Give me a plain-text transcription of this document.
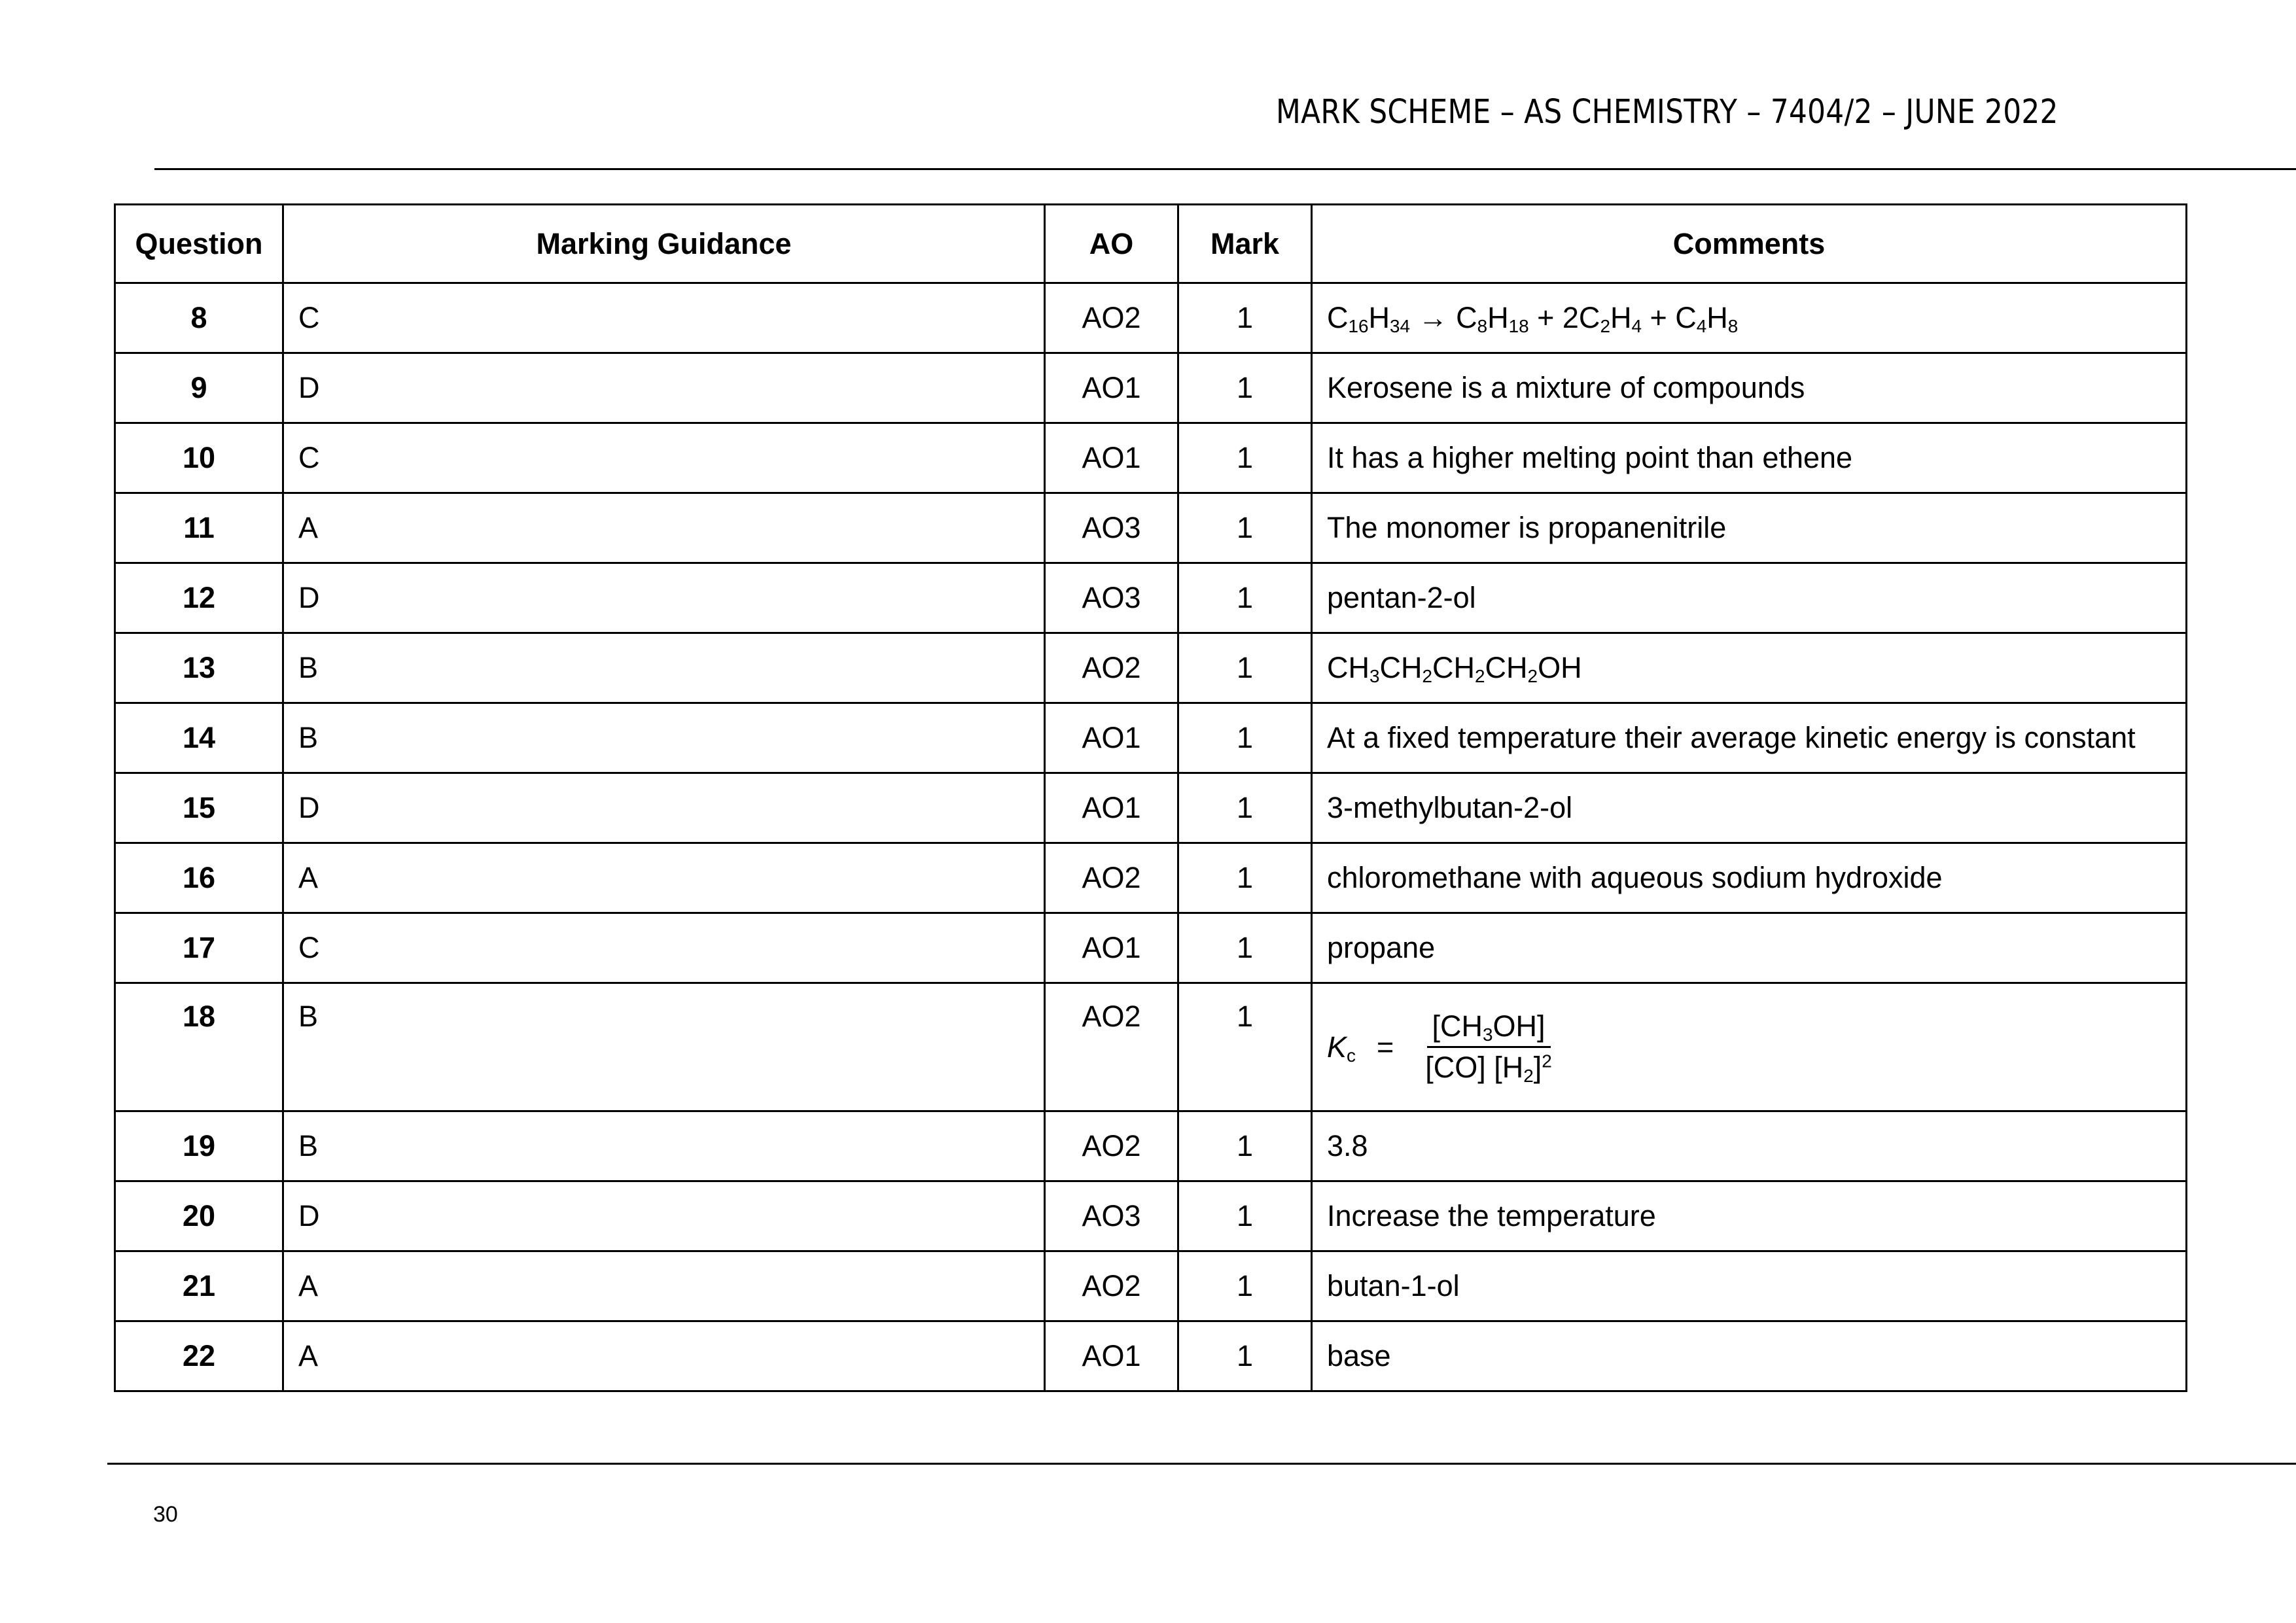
MARK SCHEME – AS CHEMISTRY – 7404/2 – JUNE 2022
Question	Marking Guidance	AO	Mark	Comments
8	C	AO2	1	$C_{16}H_{34} \to C_8H_{18} + 2C_2H_4 + C_4H_8$
9	D	AO1	1	Kerosene is a mixture of compounds
10	C	AO1	1	It has a higher melting point than ethene
11	A	AO3	1	The monomer is propanenitrile
12	D	AO3	1	pentan-2-ol
13	B	AO2	1	$CH_3CH_2CH_2CH_2OH$
14	B	AO1	1	At a fixed temperature their average kinetic energy is constant
15	D	AO1	1	3-methylbutan-2-ol
16	A	AO2	1	chloromethane with aqueous sodium hydroxide
17	C	AO1	1	propane
18	B	AO2	1	$K_c = \frac{[CH_3OH]}{[CO] [H_2]^2}$

19	B	AO2	1	3.8
20	D	AO3	1	Increase the temperature
21	A	AO2	1	butan-1-ol
22	A	AO1	1	base
30
